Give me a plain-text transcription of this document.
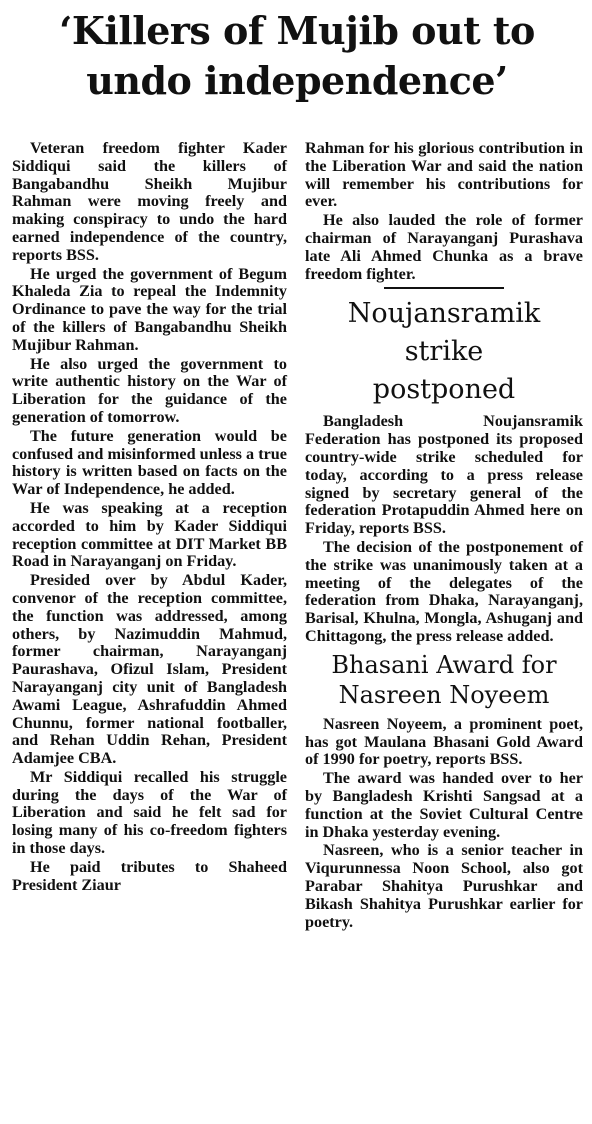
‘Killers of Mujib out to
undo independence’

Veteran freedom fighter Kader Siddiqui said the killers of Bangabandhu Sheikh Mujibur Rahman were moving freely and making conspiracy to undo the hard earned independence of the country, reports BSS.

He urged the government of Begum Khaleda Zia to repeal the Indemnity Ordinance to pave the way for the trial of the killers of Bangabandhu Sheikh Mujibur Rahman.

He also urged the government to write authentic history on the War of Liberation for the guidance of the generation of tomorrow.

The future generation would be confused and misinformed unless a true history is written based on facts on the War of Independence, he added.

He was speaking at a reception accorded to him by Kader Siddiqui reception committee at DIT Market BB Road in Narayanganj on Friday.

Presided over by Abdul Kader, convenor of the reception committee, the function was addressed, among others, by Nazimuddin Mahmud, former chairman, Narayanganj Paurashava, Ofizul Islam, President Narayanganj city unit of Bangladesh Awami League, Ashrafuddin Ahmed Chunnu, former national footballer, and Rehan Uddin Rehan, President Adamjee CBA.

Mr Siddiqui recalled his struggle during the days of the War of Liberation and said he felt sad for losing many of his co-freedom fighters in those days.

He paid tributes to Shaheed President Ziaur

Rahman for his glorious contribution in the Liberation War and said the nation will remember his contributions for ever.

He also lauded the role of former chairman of Narayanganj Purashava late Ali Ahmed Chunka as a brave freedom fighter.

Noujansramik
strike
postponed

Bangladesh Noujansramik Federation has postponed its proposed country-wide strike scheduled for today, according to a press release signed by secretary general of the federation Protapuddin Ahmed here on Friday, reports BSS.

The decision of the postponement of the strike was unanimously taken at a meeting of the delegates of the federation from Dhaka, Narayanganj, Barisal, Khulna, Mongla, Ashuganj and Chittagong, the press release added.

Bhasani Award for
Nasreen Noyeem

Nasreen Noyeem, a prominent poet, has got Maulana Bhasani Gold Award of 1990 for poetry, reports BSS.

The award was handed over to her by Bangladesh Krishti Sangsad at a function at the Soviet Cultural Centre in Dhaka yesterday evening.

Nasreen, who is a senior teacher in Viqurunnessa Noon School, also got Parabar Shahitya Purushkar and Bikash Shahitya Purushkar earlier for poetry.
